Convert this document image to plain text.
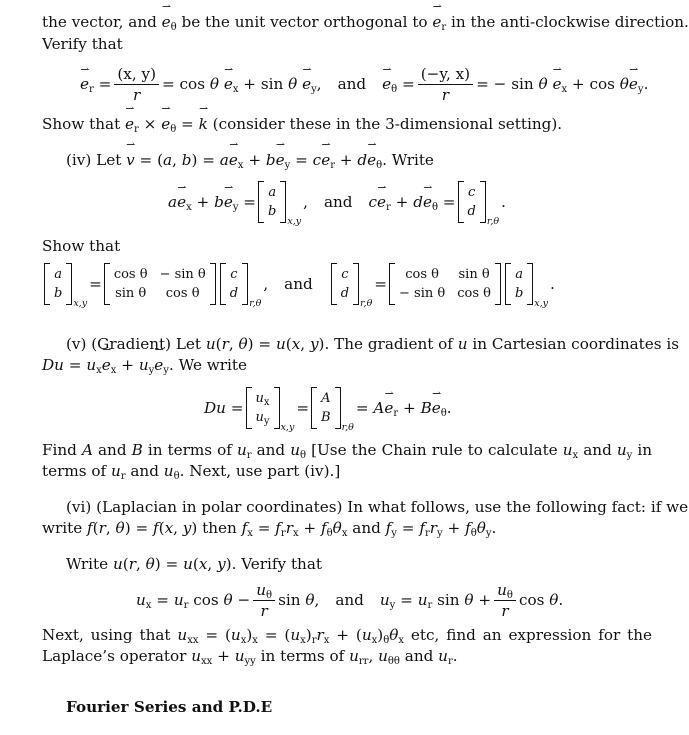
the vector, and ⇀ $e_\theta$ be the unit vector orthogonal to ⇀ $e_r$ in the anti-clockwise direction.
Verify that
⇀ $e_r = \frac{(x, y)}{r} = \cos \theta$ ⇀ $e_x + \sin \theta$ ⇀ $e_y$, and ⇀ $e_\theta = \frac{(-y, x)}{r}$ = − sin θ ⇀ $e_x + \cos$ θ⇀ $e_y$.
Show that ⇀ $e_r$ × ⇀ $e_\theta$ = ⇀ k (consider these in the 3-dimensional setting).
(iv) Let ⇀ v = (a, b) = a⇀ $e_x$ + b⇀ $e_y$ = c⇀ $e_r$ + d⇀ $e_\theta$. Write
a⇀ $e_x$ + b⇀ $e_y$ =
a
b
x,y
, and c⇀ $e_r$ + d⇀ $e_\theta$ =
c
d
r,θ
.
Show that
a
b
x,y
=
cos θ − sin θ
sin θ	cos θ
c
d
r,θ
, and
c
d
r,θ
=
cos θ	sin θ
− sin θ cos θ
a
b
x,y
.
(v) (Gradient) Let u(r, θ) = u(x, y). The gradient of u in Cartesian coordinates is
$Du = u_x⇀$ $e_x$ + $u_y⇀$ $e_y$. We write
Du =
$u_x$
$u_y$
x,y
=
A
B
r,θ
= A⇀ $e_r$ + B⇀ $e_\theta$.
Find A and B in terms of $u_r$ and $u_\theta$ [Use the Chain rule to calculate $u_x$ and $u_y$ in
terms of $u_r$ and $u_\theta$. Next, use part (iv).]
(vi) (Laplacian in polar coordinates) In what follows, use the following fact: if we
write f(r, θ) = f(x, y) then $f_x = f_rr_x + f_\theta\theta_x$ and $f_y = f_rr_y + f_\theta\theta_y$.
Write u(r, θ) = u(x, y). Verify that
$u_x = u_r$ $\cos \theta - \frac{u_\theta}{r}$ sin θ, and $u_y = u_r$ $\sin \theta + \frac{u_\theta}{r}$ cos θ.
Next, using that $u_{xx} = (u_x)_x = (u_x)_rr_x + (u_x)_\theta\theta_x$ etc, find an expression for the
Laplace’s operator $u_{xx} + u_{yy}$ in terms of $u_{rr}$, $u_{\theta\theta}$ and $u_r$.
Fourier Series and P.D.E
